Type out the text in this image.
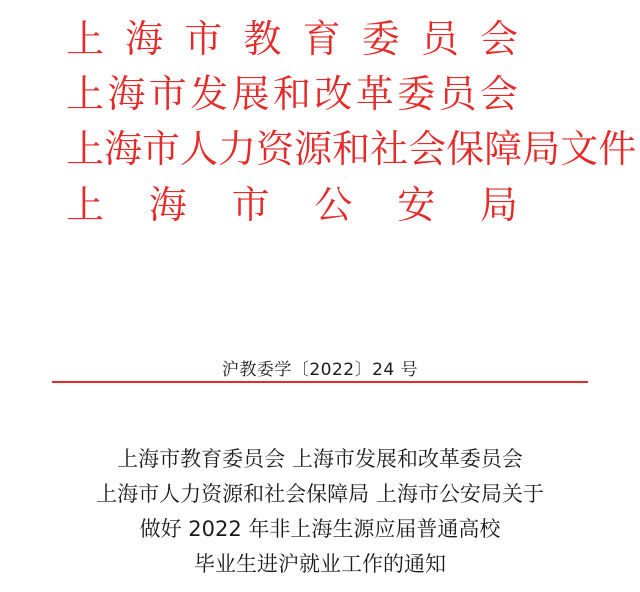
上 海 市 教 育 委 员 会
上 海 市 发 展 和 改 革 委 员 会
上 海 市 人 力 资 源 和 社 会 保 障 局 文 件
上 海 市 公 安 局
沪教委学〔2022〕24 号
上海市教育委员会 上海市发展和改革委员会
上海市人力资源和社会保障局 上海市公安局关于
做好 2022 年非上海生源应届普通高校
毕业生进沪就业工作的通知
